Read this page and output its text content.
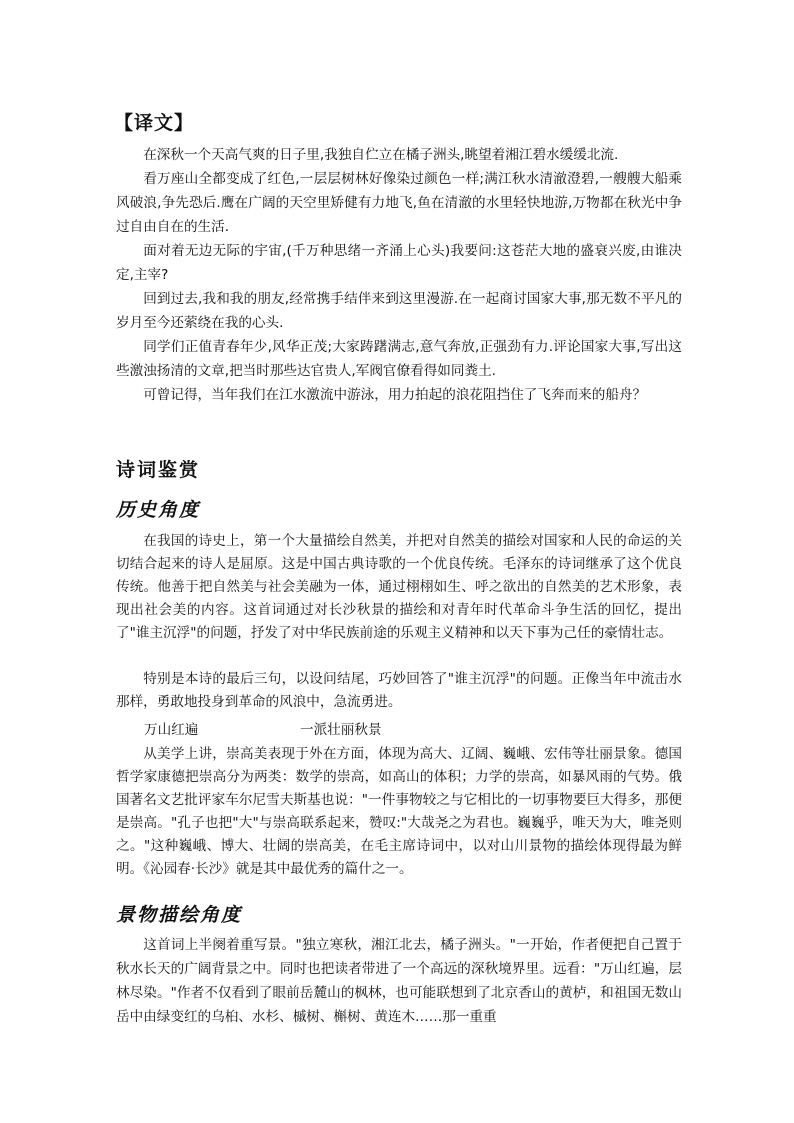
【译文】

在深秋一个天高气爽的日子里,我独自伫立在橘子洲头,眺望着湘江碧水缓缓北流.

看万座山全都变成了红色,一层层树林好像染过颜色一样;满江秋水清澈澄碧,一艘艘大船乘风破浪,争先恐后.鹰在广阔的天空里矫健有力地飞,鱼在清澈的水里轻快地游,万物都在秋光中争过自由自在的生活.

面对着无边无际的宇宙,(千万种思绪一齐涌上心头)我要问:这苍茫大地的盛衰兴废,由谁决定,主宰?

回到过去,我和我的朋友,经常携手结伴来到这里漫游.在一起商讨国家大事,那无数不平凡的岁月至今还萦绕在我的心头.

同学们正值青春年少,风华正茂;大家踌躇满志,意气奔放,正强劲有力.评论国家大事,写出这些激浊扬清的文章,把当时那些达官贵人,军阀官僚看得如同粪土.

可曾记得，当年我们在江水激流中游泳，用力拍起的浪花阻挡住了飞奔而来的船舟？

诗词鉴赏
历史角度

在我国的诗史上，第一个大量描绘自然美，并把对自然美的描绘对国家和人民的命运的关切结合起来的诗人是屈原。这是中国古典诗歌的一个优良传统。毛泽东的诗词继承了这个优良传统。他善于把自然美与社会美融为一体，通过栩栩如生、呼之欲出的自然美的艺术形象，表现出社会美的内容。这首词通过对长沙秋景的描绘和对青年时代革命斗争生活的回忆，提出了"谁主沉浮"的问题，抒发了对中华民族前途的乐观主义精神和以天下事为己任的豪情壮志。

特别是本诗的最后三句，以设问结尾，巧妙回答了"谁主沉浮"的问题。正像当年中流击水那样，勇敢地投身到革命的风浪中，急流勇进。

万山红遍	一派壮丽秋景

从美学上讲，崇高美表现于外在方面，体现为高大、辽阔、巍峨、宏伟等壮丽景象。德国哲学家康德把崇高分为两类：数学的崇高，如高山的体积；力学的崇高，如暴风雨的气势。俄国著名文艺批评家车尔尼雪夫斯基也说："一件事物较之与它相比的一切事物要巨大得多，那便是崇高。"孔子也把"大"与崇高联系起来，赞叹:"大哉尧之为君也。巍巍乎，唯天为大，唯尧则之。"这种巍峨、博大、壮阔的崇高美，在毛主席诗词中，以对山川景物的描绘体现得最为鲜明。《沁园春·长沙》就是其中最优秀的篇什之一。

景物描绘角度

这首词上半阕着重写景。"独立寒秋，湘江北去，橘子洲头。"一开始，作者便把自己置于秋水长天的广阔背景之中。同时也把读者带进了一个高远的深秋境界里。远看："万山红遍，层林尽染。"作者不仅看到了眼前岳麓山的枫林，也可能联想到了北京香山的黄栌，和祖国无数山岳中由绿变红的乌桕、水杉、槭树、槲树、黄连木……那一重重
